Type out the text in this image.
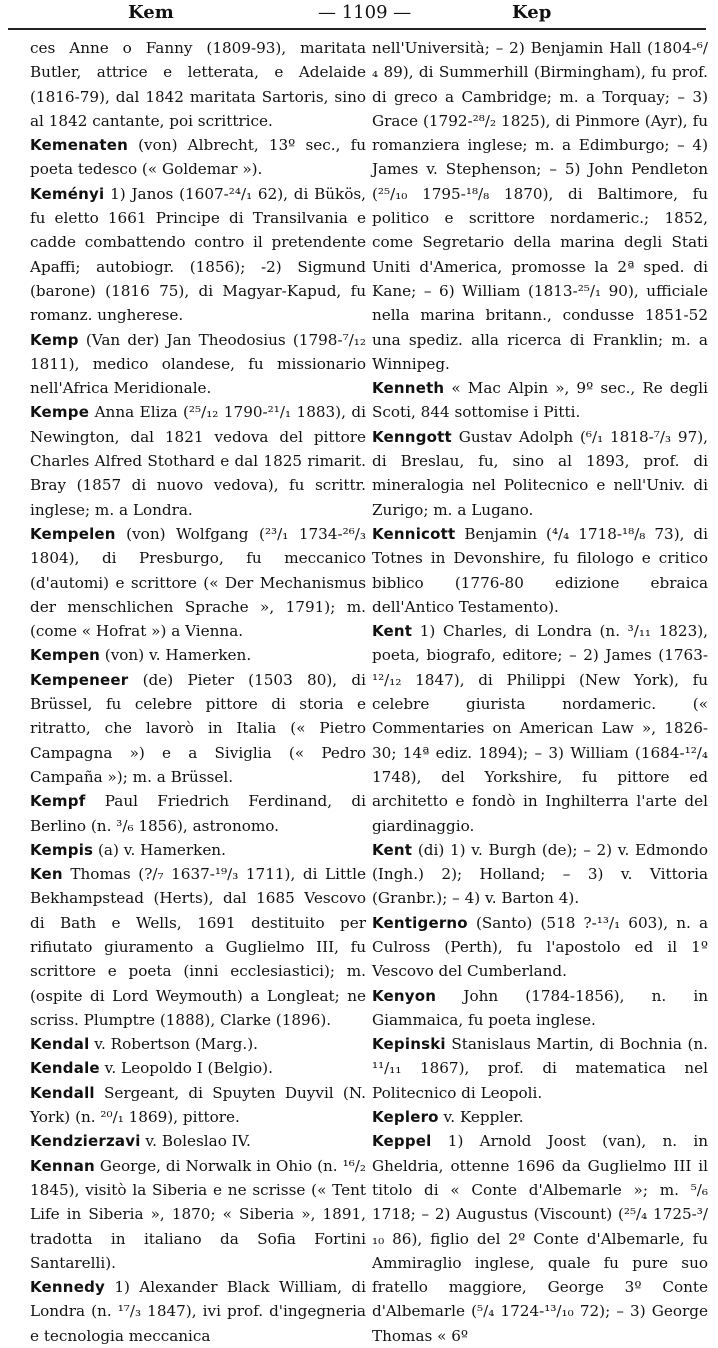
Kem	— 1109 —	Kep

ces Anne o Fanny (1809-93), maritata Butler, attrice e letterata, e Adelaide (1816-79), dal 1842 maritata Sartoris, sino al 1842 cantante, poi scrittrice.

Kemenaten (von) Albrecht, 13º sec., fu poeta tedesco (« Goldemar »).

Keményi 1) Janos (1607-²⁴/₁ 62), di Bükös, fu eletto 1661 Principe di Transilvania e cadde combattendo contro il pretendente Apaffi; autobiogr. (1856); -2) Sigmund (barone) (1816 75), di Magyar-Kapud, fu romanz. ungherese.

Kemp (Van der) Jan Theodosius (1798-⁷/₁₂ 1811), medico olandese, fu missionario nell'Africa Meridionale.

Kempe Anna Eliza (²⁵/₁₂ 1790-²¹/₁ 1883), di Newington, dal 1821 vedova del pittore Charles Alfred Stothard e dal 1825 rimarit. Bray (1857 di nuovo vedova), fu scrittr. inglese; m. a Londra.

Kempelen (von) Wolfgang (²³/₁ 1734-²⁶/₃ 1804), di Presburgo, fu meccanico (d'automi) e scrittore (« Der Mechanismus der menschlichen Sprache », 1791); m. (come « Hofrat ») a Vienna.

Kempen (von) v. Hamerken.

Kempeneer (de) Pieter (1503 80), di Brüssel, fu celebre pittore di storia e ritratto, che lavorò in Italia (« Pietro Campagna ») e a Siviglia (« Pedro Campaña »); m. a Brüssel.

Kempf Paul Friedrich Ferdinand, di Berlino (n. ³/₆ 1856), astronomo.

Kempis (a) v. Hamerken.

Ken Thomas (?/₇ 1637-¹⁹/₃ 1711), di Little Bekhampstead (Herts), dal 1685 Vescovo di Bath e Wells, 1691 destituito per rifiutato giuramento a Guglielmo III, fu scrittore e poeta (inni ecclesiastici); m. (ospite di Lord Weymouth) a Longleat; ne scriss. Plumptre (1888), Clarke (1896).

Kendal v. Robertson (Marg.).

Kendale v. Leopoldo I (Belgio).

Kendall Sergeant, di Spuyten Duyvil (N. York) (n. ²⁰/₁ 1869), pittore.

Kendzierzavi v. Boleslao IV.

Kennan George, di Norwalk in Ohio (n. ¹⁶/₂ 1845), visitò la Siberia e ne scrisse (« Tent Life in Siberia », 1870; « Siberia », 1891, tradotta in italiano da Sofia Fortini Santarelli).

Kennedy 1) Alexander Black William, di Londra (n. ¹⁷/₃ 1847), ivi prof. d'ingegneria e tecnologia meccanica

nell'Università; – 2) Benjamin Hall (1804-⁶/₄ 89), di Summerhill (Birmingham), fu prof. di greco a Cambridge; m. a Torquay; – 3) Grace (1792-²⁸/₂ 1825), di Pinmore (Ayr), fu romanziera inglese; m. a Edimburgo; – 4) James v. Stephenson; – 5) John Pendleton (²⁵/₁₀ 1795-¹⁸/₈ 1870), di Baltimore, fu politico e scrittore nordameric.; 1852, come Segretario della marina degli Stati Uniti d'America, promosse la 2ª sped. di Kane; – 6) William (1813-²⁵/₁ 90), ufficiale nella marina britann., condusse 1851-52 una spediz. alla ricerca di Franklin; m. a Winnipeg.

Kenneth « Mac Alpin », 9º sec., Re degli Scoti, 844 sottomise i Pitti.

Kenngott Gustav Adolph (⁶/₁ 1818-⁷/₃ 97), di Breslau, fu, sino al 1893, prof. di mineralogia nel Politecnico e nell'Univ. di Zurigo; m. a Lugano.

Kennicott Benjamin (⁴/₄ 1718-¹⁸/₈ 73), di Totnes in Devonshire, fu filologo e critico biblico (1776-80 edizione ebraica dell'Antico Testamento).

Kent 1) Charles, di Londra (n. ³/₁₁ 1823), poeta, biografo, editore; – 2) James (1763-¹²/₁₂ 1847), di Philippi (New York), fu celebre giurista nordameric. (« Commentaries on American Law », 1826-30; 14ª ediz. 1894); – 3) William (1684-¹²/₄ 1748), del Yorkshire, fu pittore ed architetto e fondò in Inghilterra l'arte del giardinaggio.

Kent (di) 1) v. Burgh (de); – 2) v. Edmondo (Ingh.) 2); Holland; – 3) v. Vittoria (Granbr.); – 4) v. Barton 4).

Kentigerno (Santo) (518 ?-¹³/₁ 603), n. a Culross (Perth), fu l'apostolo ed il 1º Vescovo del Cumberland.

Kenyon John (1784-1856), n. in Giammaica, fu poeta inglese.

Kepinski Stanislaus Martin, di Bochnia (n. ¹¹/₁₁ 1867), prof. di matematica nel Politecnico di Leopoli.

Keplero v. Keppler.

Keppel 1) Arnold Joost (van), n. in Gheldria, ottenne 1696 da Guglielmo III il titolo di « Conte d'Albemarle »; m. ⁵/₆ 1718; – 2) Augustus (Viscount) (²⁵/₄ 1725-³/₁₀ 86), figlio del 2º Conte d'Albemarle, fu Ammiraglio inglese, quale fu pure suo fratello maggiore, George 3º Conte d'Albemarle (⁵/₄ 1724-¹³/₁₀ 72); – 3) George Thomas « 6º
